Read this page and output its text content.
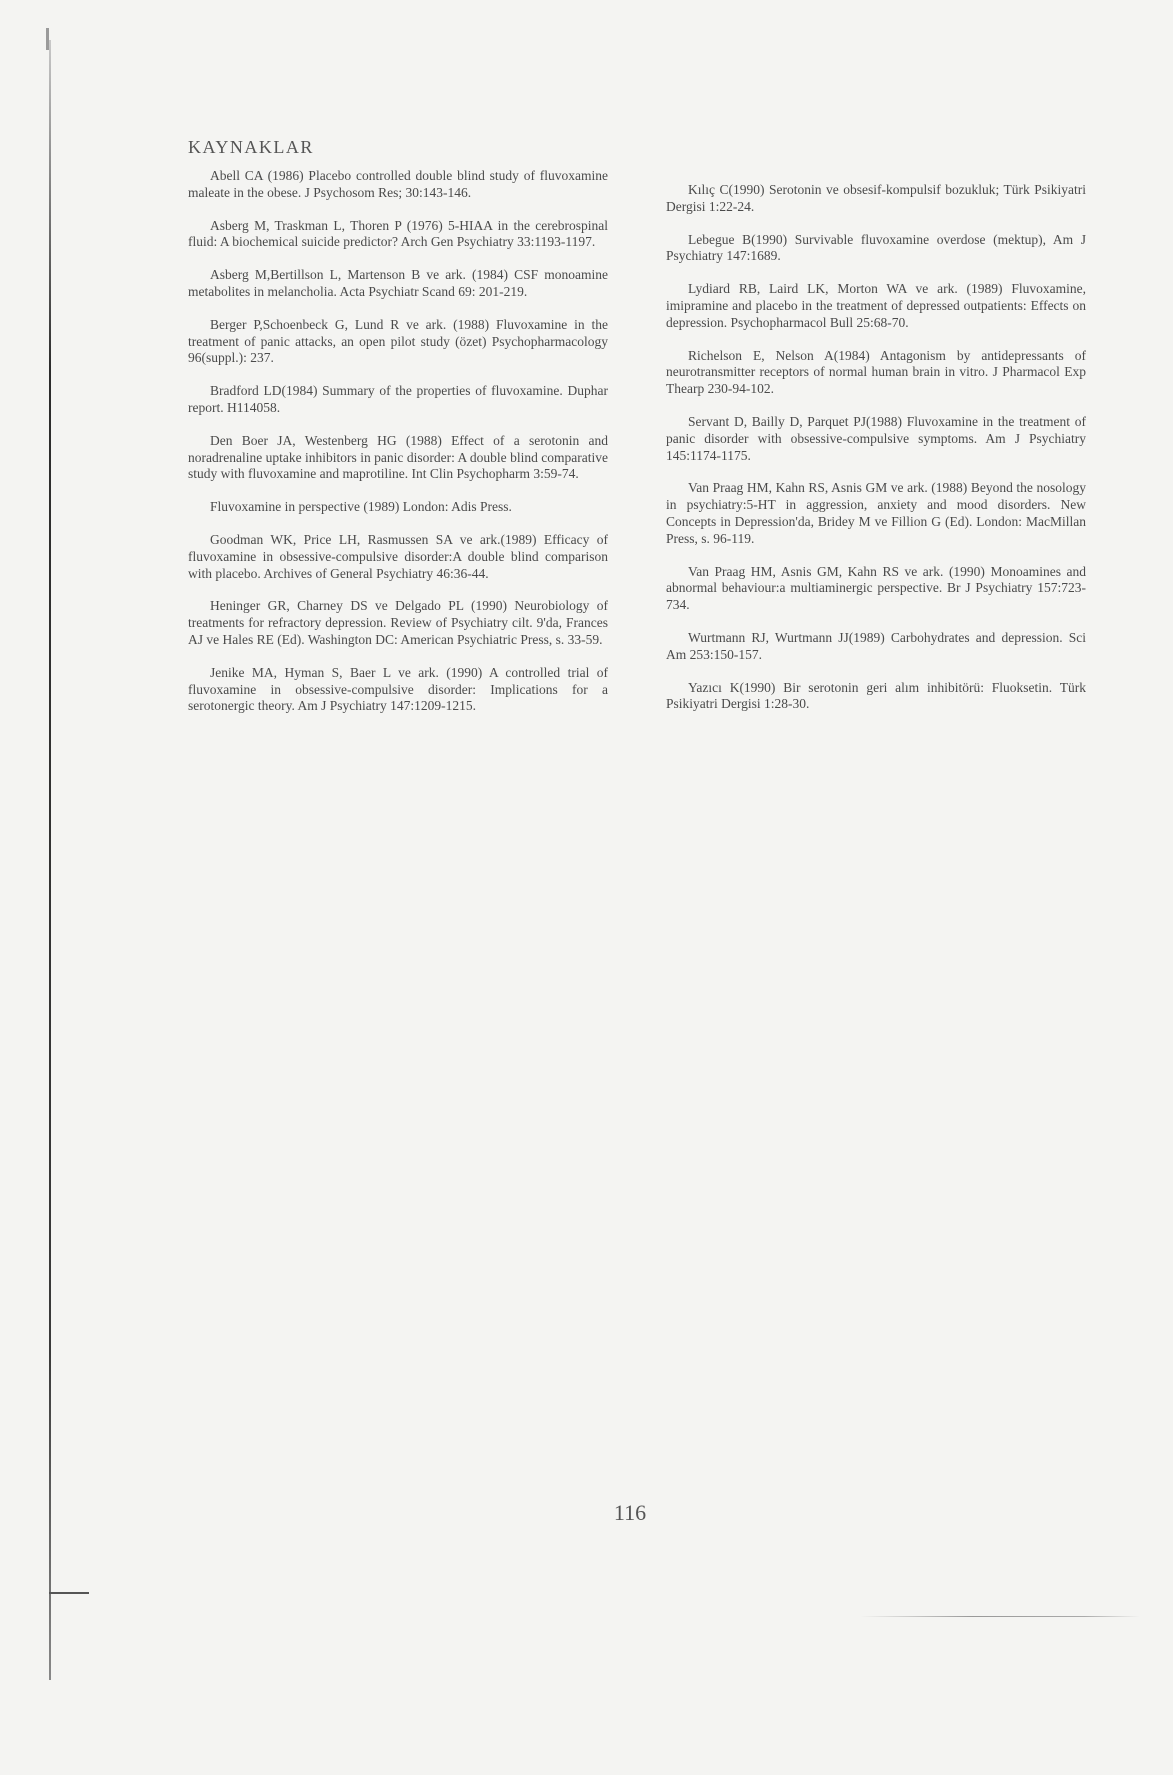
KAYNAKLAR

Abell CA (1986) Placebo controlled double blind study of fluvoxamine maleate in the obese. J Psychosom Res; 30:143-146.

Asberg M, Traskman L, Thoren P (1976) 5-HIAA in the cerebrospinal fluid: A biochemical suicide predictor? Arch Gen Psychiatry 33:1193-1197.

Asberg M,Bertillson L, Martenson B ve ark. (1984) CSF monoamine metabolites in melancholia. Acta Psychiatr Scand 69: 201-219.

Berger P,Schoenbeck G, Lund R ve ark. (1988) Fluvoxamine in the treatment of panic attacks, an open pilot study (özet) Psychopharmacology 96(suppl.): 237.

Bradford LD(1984) Summary of the properties of fluvoxamine. Duphar report. H114058.

Den Boer JA, Westenberg HG (1988) Effect of a serotonin and noradrenaline uptake inhibitors in panic disorder: A double blind comparative study with fluvoxamine and maprotiline. Int Clin Psychopharm 3:59-74.

Fluvoxamine in perspective (1989) London: Adis Press.

Goodman WK, Price LH, Rasmussen SA ve ark.(1989) Efficacy of fluvoxamine in obsessive-compulsive disorder:A double blind comparison with placebo. Archives of General Psychiatry 46:36-44.

Heninger GR, Charney DS ve Delgado PL (1990) Neurobiology of treatments for refractory depression. Review of Psychiatry cilt. 9'da, Frances AJ ve Hales RE (Ed). Washington DC: American Psychiatric Press, s. 33-59.

Jenike MA, Hyman S, Baer L ve ark. (1990) A controlled trial of fluvoxamine in obsessive-compulsive disorder: Implications for a serotonergic theory. Am J Psychiatry 147:1209-1215.

Kılıç C(1990) Serotonin ve obsesif-kompulsif bozukluk; Türk Psikiyatri Dergisi 1:22-24.

Lebegue B(1990) Survivable fluvoxamine overdose (mektup), Am J Psychiatry 147:1689.

Lydiard RB, Laird LK, Morton WA ve ark. (1989) Fluvoxamine, imipramine and placebo in the treatment of depressed outpatients: Effects on depression. Psychopharmacol Bull 25:68-70.

Richelson E, Nelson A(1984) Antagonism by antidepressants of neurotransmitter receptors of normal human brain in vitro. J Pharmacol Exp Thearp 230-94-102.

Servant D, Bailly D, Parquet PJ(1988) Fluvoxamine in the treatment of panic disorder with obsessive-compulsive symptoms. Am J Psychiatry 145:1174-1175.

Van Praag HM, Kahn RS, Asnis GM ve ark. (1988) Beyond the nosology in psychiatry:5-HT in aggression, anxiety and mood disorders. New Concepts in Depression'da, Bridey M ve Fillion G (Ed). London: MacMillan Press, s. 96-119.

Van Praag HM, Asnis GM, Kahn RS ve ark. (1990) Monoamines and abnormal behaviour:a multiaminergic perspective. Br J Psychiatry 157:723-734.

Wurtmann RJ, Wurtmann JJ(1989) Carbohydrates and depression. Sci Am 253:150-157.

Yazıcı K(1990) Bir serotonin geri alım inhibitörü: Fluoksetin. Türk Psikiyatri Dergisi 1:28-30.

116
